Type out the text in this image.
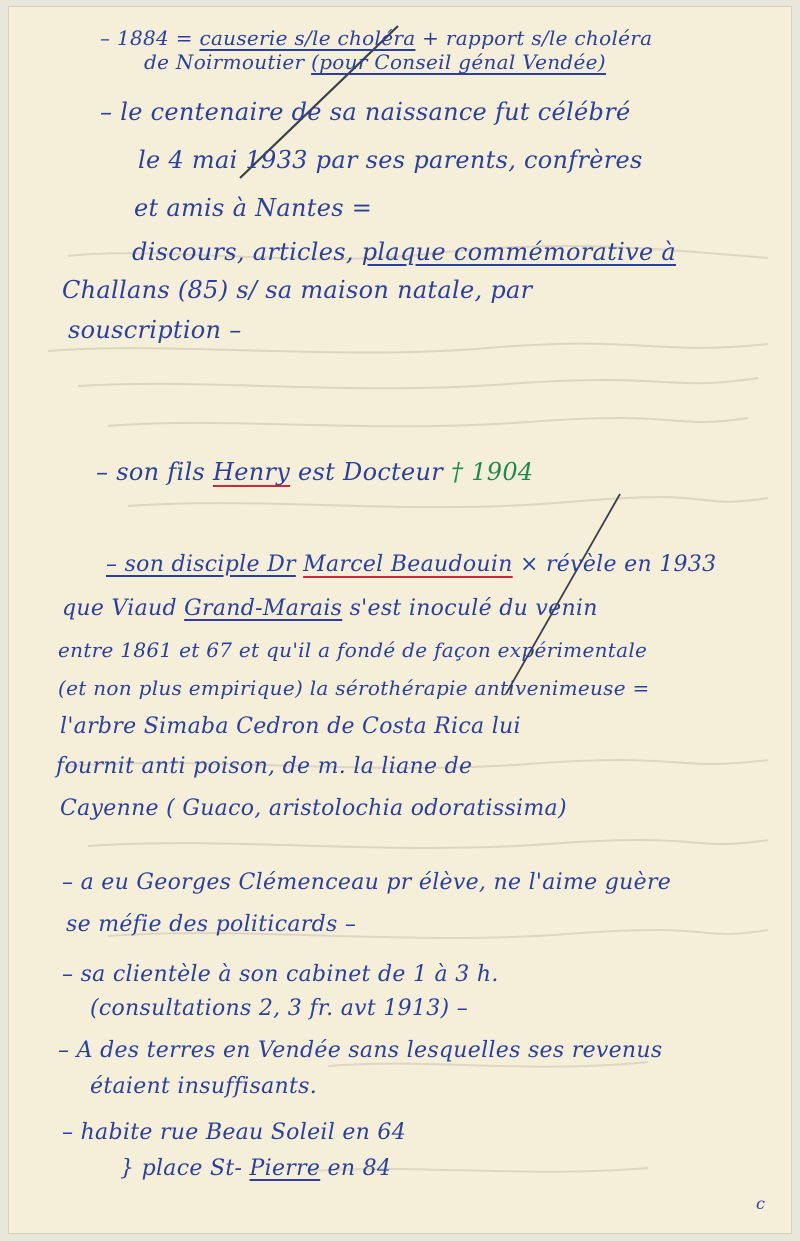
– 1884 = causerie s/le choléra + rapport s/le choléra
de Noirmoutier (pour Conseil génal Vendée)
– le centenaire de sa naissance fut célébré
le 4 mai 1933 par ses parents, confrères
et amis à Nantes =
discours, articles, plaque commémorative à
Challans (85) s/ sa maison natale, par
souscription –
– son fils Henry est Docteur † 1904
– son disciple Dr Marcel Beaudouin × révèle en 1933
que Viaud Grand-Marais s'est inoculé du venin
entre 1861 et 67 et qu'il a fondé de façon expérimentale
(et non plus empirique) la sérothérapie antivenimeuse =
l'arbre Simaba Cedron de Costa Rica lui
fournit anti poison, de m. la liane de
Cayenne ( Guaco, aristolochia odoratissima)
– a eu Georges Clémenceau pr élève, ne l'aime guère
se méfie des politicards –
– sa clientèle à son cabinet de 1 à 3 h.
(consultations 2, 3 fr. avt 1913) –
– A des terres en Vendée sans lesquelles ses revenus
étaient insuffisants.
– habite rue Beau Soleil en 64
} place St- Pierre en 84
c
